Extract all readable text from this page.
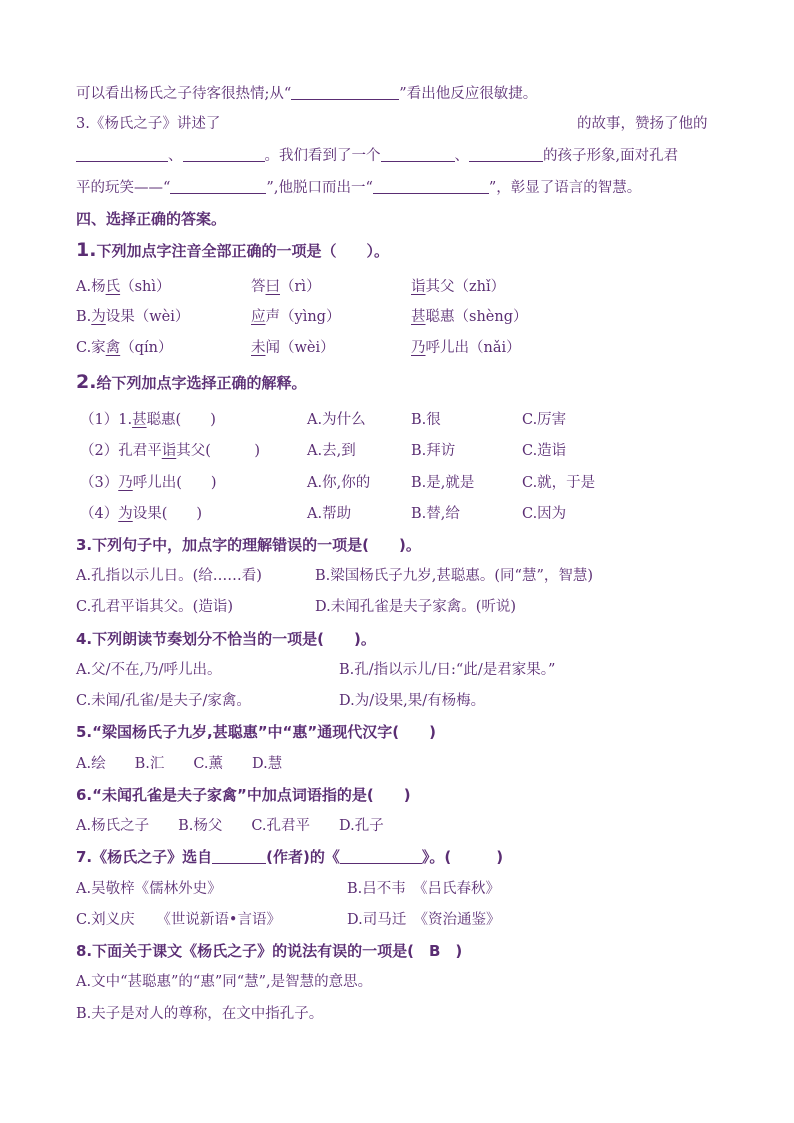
可以看出杨氏之子待客很热情;从“	”看出他反应很敏捷。
3.《杨氏之子》讲述了	的故事，赞扬了他的
、	。我们看到了一个	、	的孩子形象,面对孔君
平的玩笑——“	”,他脱口而出一“	”，彰显了语言的智慧。
四、选择正确的答案。
1.下列加点字注音全部正确的一项是（　　）。
A.杨氏（shì）	答曰（rì）	诣其父（zhǐ）
B.为设果（wèi）	应声（yìng）	甚聪惠（shèng）
C.家禽（qín）	未闻（wèi）	乃呼儿出（nǎi）
2.给下列加点字选择正确的解释。
（1）1.甚聪惠(　　)	A.为什么	B.很	C.厉害
（2）孔君平诣其父(　　　)	A.去,到	B.拜访	C.造诣
（3）乃呼儿出(　　)	A.你,你的	B.是,就是	C.就，于是
（4）为设果(　　)	A.帮助	B.替,给	C.因为
3.下列句子中，加点字的理解错误的一项是(　　)。
A.孔指以示儿日。(给……看)	B.梁国杨氏子九岁,甚聪惠。(同“慧”，智慧)
C.孔君平诣其父。(造诣)	D.未闻孔雀是夫子家禽。(听说)
4.下列朗读节奏划分不恰当的一项是(　　)。
A.父/不在,乃/呼儿出。	B.孔/指以示儿/日:“此/是君家果。”
C.未闻/孔雀/是夫子/家禽。	D.为/设果,果/有杨梅。
5.“梁国杨氏子九岁,甚聪惠”中“惠”通现代汉字(　　)
A.绘　　B.汇　　C.薰　　D.慧
6.“未闻孔雀是夫子家禽”中加点词语指的是(　　)
A.杨氏之子　　B.杨父　　C.孔君平　　D.孔子
7.《杨氏之子》选自	(作者)的《	》。(　　　)
A.吴敬梓《儒林外史》	B.吕不韦　《吕氏春秋》
C.刘义庆　　《世说新语•言语》	D.司马迁　《资治通鉴》
8.下面关于课文《杨氏之子》的说法有误的一项是(　B　)
A.文中“甚聪惠”的“惠”同“慧”,是智慧的意思。
B.夫子是对人的尊称，在文中指孔子。
